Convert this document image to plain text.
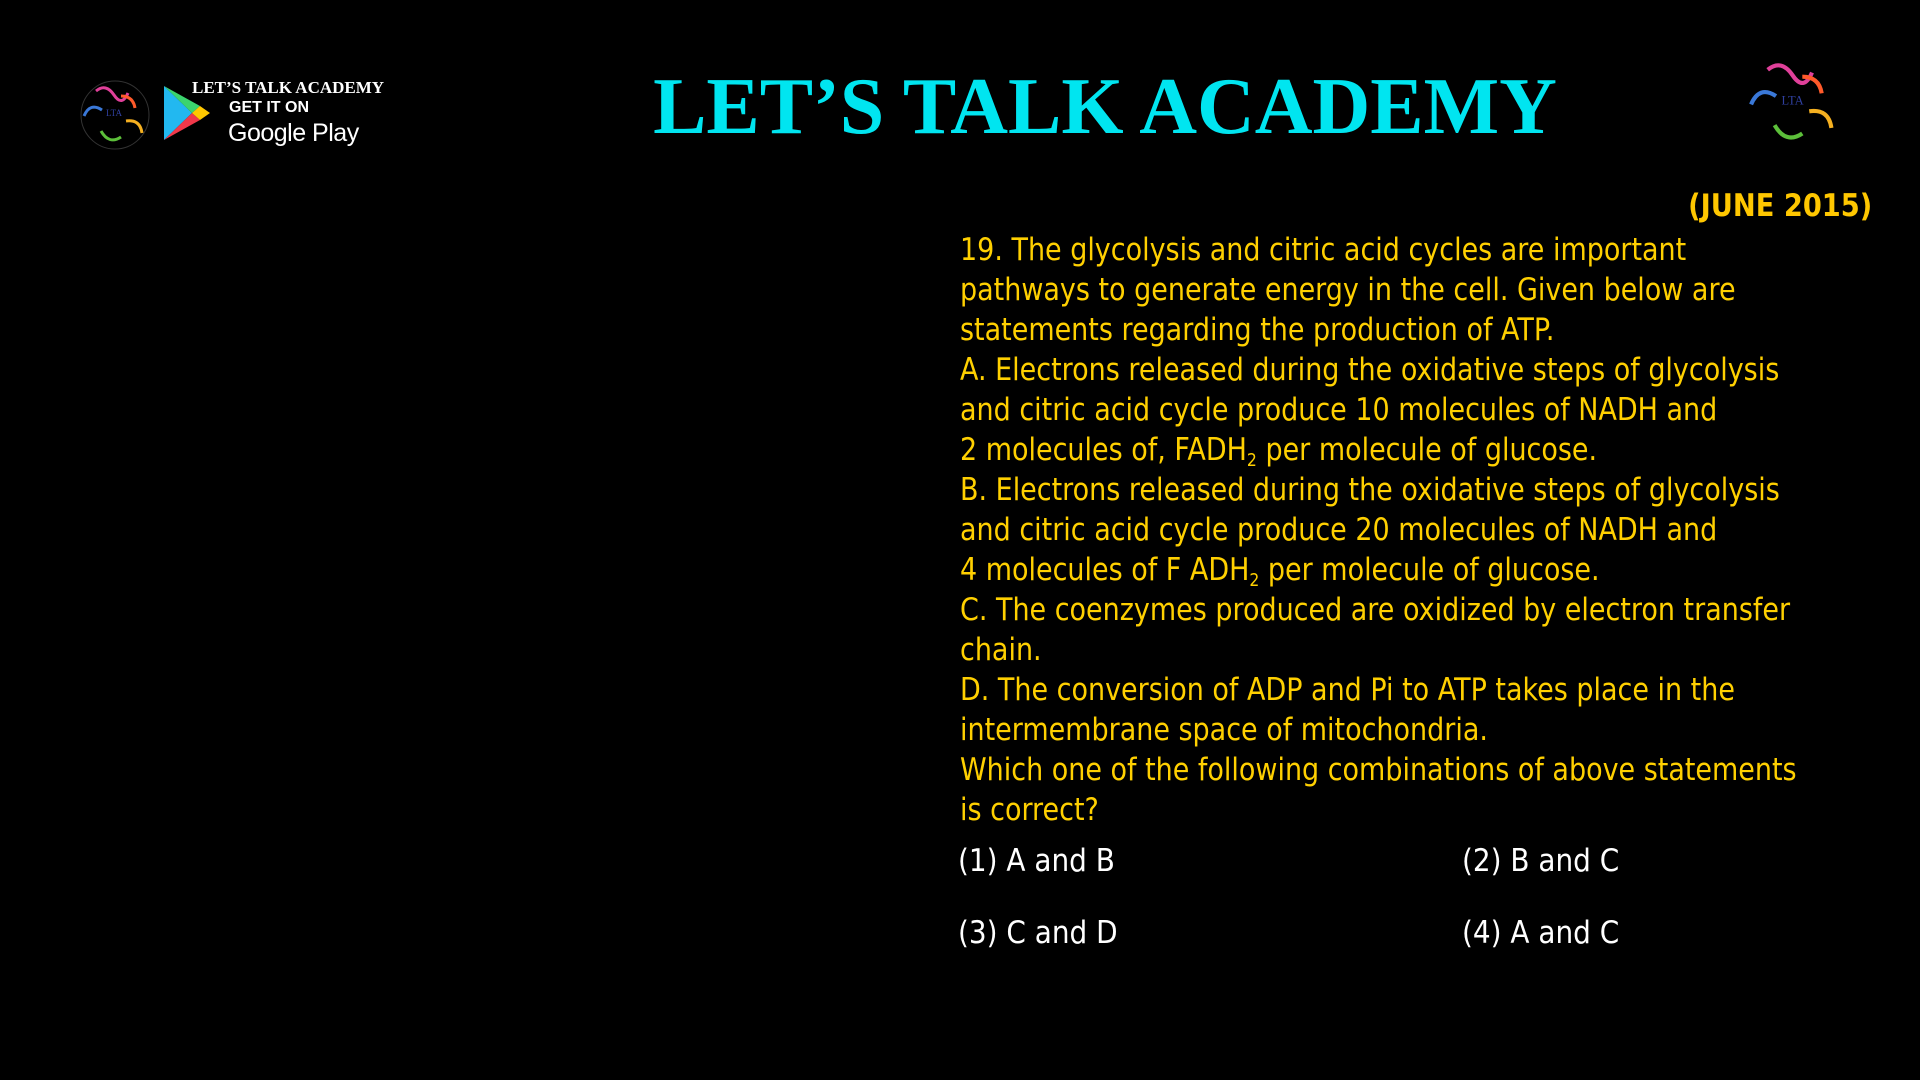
LTA
LET’S TALK ACADEMY
GET IT ON
Google Play	LET’S TALK ACADEMY	LTA
(JUNE 2015)
19. The glycolysis and citric acid cycles are important
pathways to generate energy in the cell. Given below are
statements regarding the production of ATP.
A. Electrons released during the oxidative steps of glycolysis
and citric acid cycle produce 10 molecules of NADH and
2 molecules of, $FADH_2$ per molecule of glucose.
B. Electrons released during the oxidative steps of glycolysis
and citric acid cycle produce 20 molecules of NADH and
4 molecules of F $ADH_2$ per molecule of glucose.
C. The coenzymes produced are oxidized by electron transfer
chain.
D. The conversion of ADP and Pi to ATP takes place in the
intermembrane space of mitochondria.
Which one of the following combinations of above statements
is correct?
(1) A and B	(2) B and C
(3) C and D	(4) A and C
